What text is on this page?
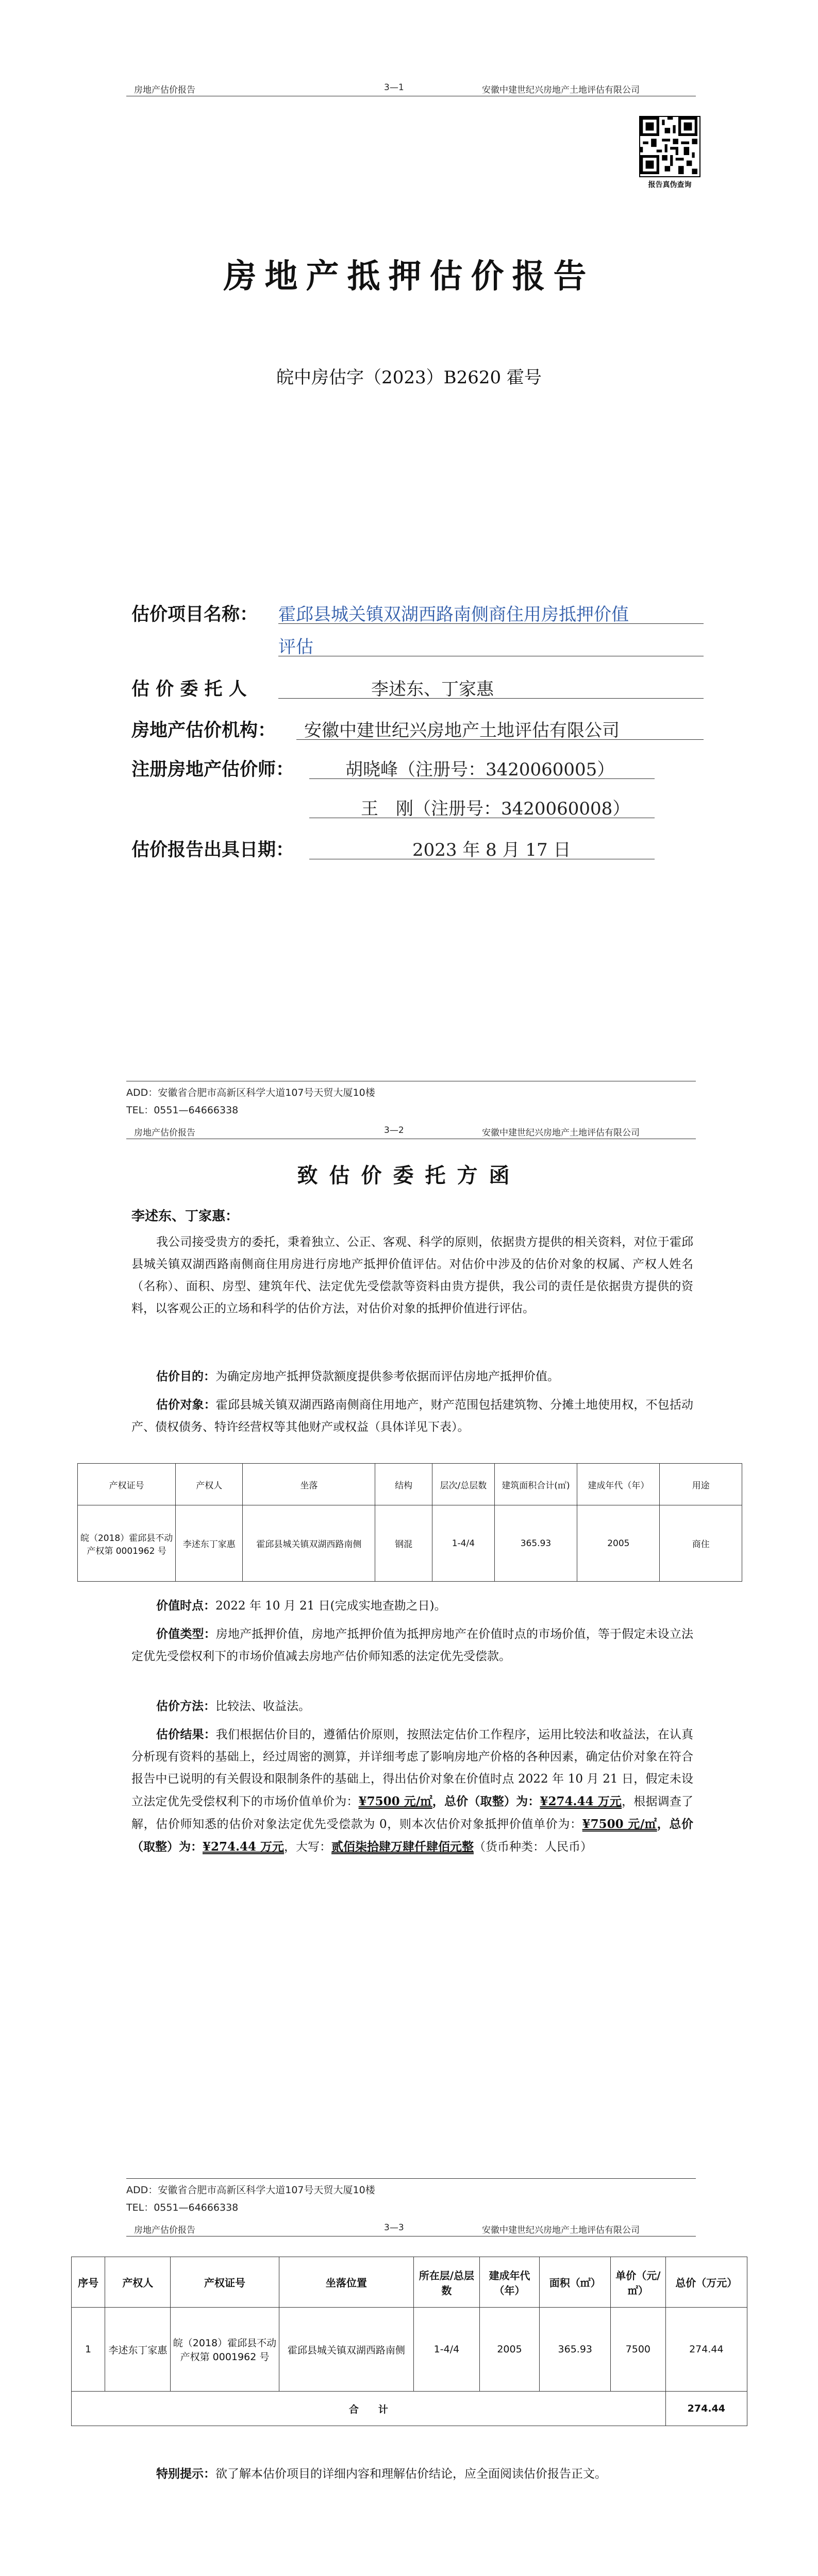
房地产估价报告	3—1	安徽中建世纪兴房地产土地评估有限公司
报告真伪查询
房地产抵押估价报告
皖中房估字（2023）B2620 霍号
估价项目名称： 霍邱县城关镇双湖西路南侧商住用房抵押价值
评估
估 价 委 托 人	李述东、丁家惠
房地产估价机构： 安徽中建世纪兴房地产土地评估有限公司
注册房地产估价师：	胡晓峰（注册号：3420060005）
王　刚（注册号：3420060008）
估价报告出具日期：	2023 年 8 月 17 日
ADD：安徽省合肥市高新区科学大道107号天贸大厦10楼
TEL：0551—64666338
房地产估价报告	3—2	安徽中建世纪兴房地产土地评估有限公司
致估价委托方函
李述东、丁家惠：
我公司接受贵方的委托，秉着独立、公正、客观、科学的原则，依据贵方提供的相关资料，对位于霍邱县城关镇双湖西路南侧商住用房进行房地产抵押价值评估。对估价中涉及的估价对象的权属、产权人姓名（名称）、面积、房型、建筑年代、法定优先受偿款等资料由贵方提供，我公司的责任是依据贵方提供的资料，以客观公正的立场和科学的估价方法，对估价对象的抵押价值进行评估。
估价目的：为确定房地产抵押贷款额度提供参考依据而评估房地产抵押价值。
估价对象：霍邱县城关镇双湖西路南侧商住用地产，财产范围包括建筑物、分摊土地使用权，不包括动产、债权债务、特许经营权等其他财产或权益（具体详见下表）。
产权证号	产权人	坐落	结构	层次/总层数	建筑面积合计(㎡)	建成年代（年）	用途
皖（2018）霍邱县不动产权第 0001962 号	李述东丁家惠	霍邱县城关镇双湖西路南侧	钢混	1-4/4	365.93	2005	商住
价值时点：2022 年 10 月 21 日(完成实地查勘之日)。
价值类型：房地产抵押价值，房地产抵押价值为抵押房地产在价值时点的市场价值，等于假定未设立法定优先受偿权利下的市场价值减去房地产估价师知悉的法定优先受偿款。
估价方法：比较法、收益法。
估价结果：我们根据估价目的，遵循估价原则，按照法定估价工作程序，运用比较法和收益法，在认真分析现有资料的基础上，经过周密的测算，并详细考虑了影响房地产价格的各种因素，确定估价对象在符合报告中已说明的有关假设和限制条件的基础上，得出估价对象在价值时点 2022 年 10 月 21 日，假定未设立法定优先受偿权利下的市场价值单价为：¥7500 元/㎡，总价（取整）为：¥274.44 万元，根据调查了解，估价师知悉的估价对象法定优先受偿款为 0，则本次估价对象抵押价值单价为：¥7500 元/㎡，总价（取整）为：¥274.44 万元，大写：贰佰柒拾肆万肆仟肆佰元整（货币种类：人民币）
ADD：安徽省合肥市高新区科学大道107号天贸大厦10楼
TEL：0551—64666338
房地产估价报告	3—3	安徽中建世纪兴房地产土地评估有限公司
序号	产权人	产权证号	坐落位置	所在层/总层数	建成年代（年）	面积（㎡）	单价（元/㎡）	总价（万元）
1	李述东丁家惠	皖（2018）霍邱县不动产权第 0001962 号	霍邱县城关镇双湖西路南侧	1-4/4	2005	365.93	7500	274.44
合　　计								274.44
特别提示：欲了解本估价项目的详细内容和理解估价结论，应全面阅读估价报告正文。
